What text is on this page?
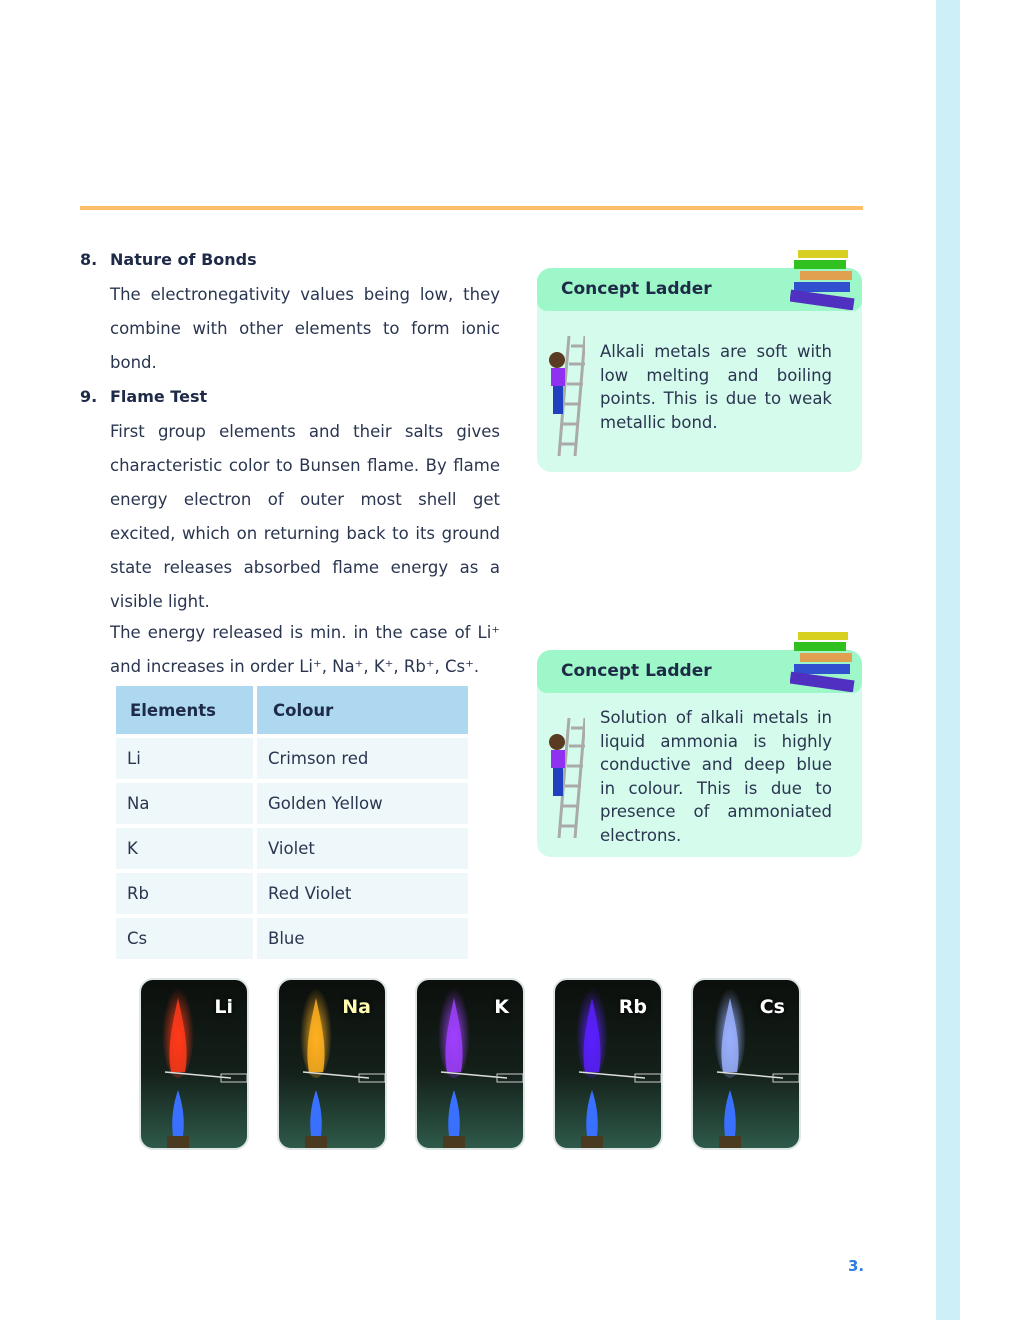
8. Nature of Bonds
The electronegativity values being low, they combine with other elements to form ionic bond.
9. Flame Test
First group elements and their salts gives characteristic color to Bunsen flame. By flame energy electron of outer most shell get excited, which on returning back to its ground state releases absorbed flame energy as a visible light.
The energy released is min. in the case of Li⁺ and increases in order Li⁺, Na⁺, K⁺, Rb⁺, Cs⁺.
Elements	Colour
Li	Crimson red
Na	Golden Yellow
K	Violet
Rb	Red Violet
Cs	Blue
Concept Ladder
Alkali metals are soft with low melting and boiling points. This is due to weak metallic bond.
Concept Ladder
Solution of alkali metals in liquid ammonia is highly conductive and deep blue in colour. This is due to presence of ammoniated electrons.
Li	Na	K	Rb	Cs
3.
